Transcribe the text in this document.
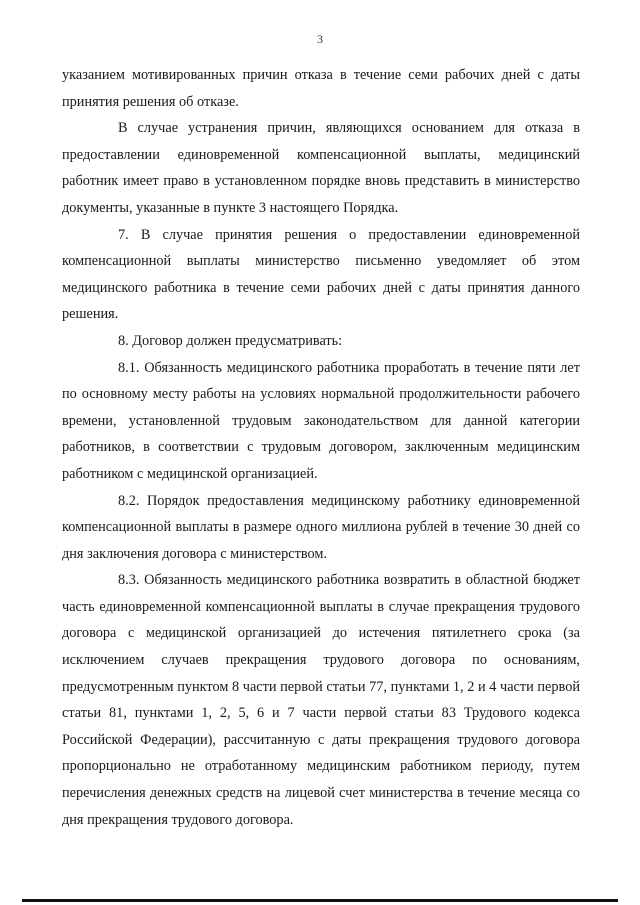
3

указанием мотивированных причин отказа в течение семи рабочих дней с даты принятия решения об отказе.

В случае устранения причин, являющихся основанием для отказа в предоставлении единовременной компенсационной выплаты, медицинский работник имеет право в установленном порядке вновь представить в министерство документы, указанные в пункте 3 настоящего Порядка.

7. В случае принятия решения о предоставлении единовременной компенсационной выплаты министерство письменно уведомляет об этом медицинского работника в течение семи рабочих дней с даты принятия данного решения.

8. Договор должен предусматривать:

8.1. Обязанность медицинского работника проработать в течение пяти лет по основному месту работы на условиях нормальной продолжительности рабочего времени, установленной трудовым законодательством для данной категории работников, в соответствии с трудовым договором, заключенным медицинским работником с медицинской организацией.

8.2. Порядок предоставления медицинскому работнику единовременной компенсационной выплаты в размере одного миллиона рублей в течение 30 дней со дня заключения договора с министерством.

8.3. Обязанность медицинского работника возвратить в областной бюджет часть единовременной компенсационной выплаты в случае прекращения трудового договора с медицинской организацией до истечения пятилетнего срока (за исключением случаев прекращения трудового договора по основаниям, предусмотренным пунктом 8 части первой статьи 77, пунктами 1, 2 и 4 части первой статьи 81, пунктами 1, 2, 5, 6 и 7 части первой статьи 83 Трудового кодекса Российской Федерации), рассчитанную с даты прекращения трудового договора пропорционально не отработанному медицинским работником периоду, путем перечисления денежных средств на лицевой счет министерства в течение месяца со дня прекращения трудового договора.
